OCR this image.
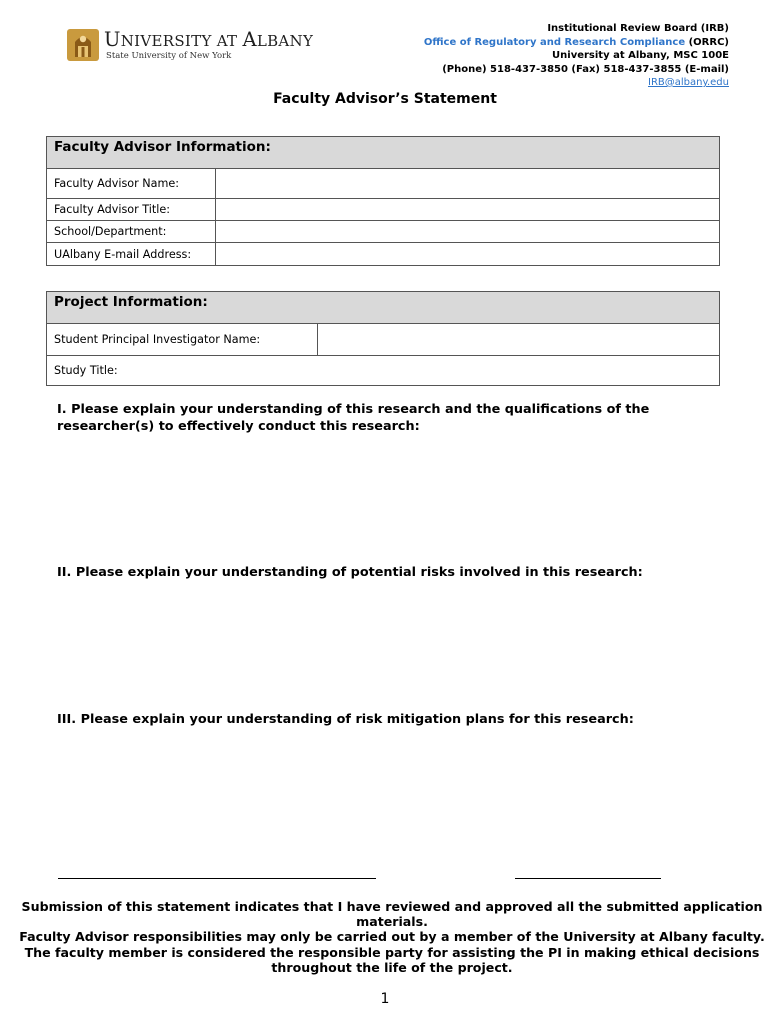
UNIVERSITY AT ALBANY
State University of New York
Institutional Review Board (IRB)
Office of Regulatory and Research Compliance (ORRC)
University at Albany, MSC 100E
(Phone) 518-437-3850 (Fax) 518-437-3855 (E-mail)
IRB@albany.edu
Faculty Advisor’s Statement
Faculty Advisor Information:	
Faculty Advisor Name:	
Faculty Advisor Title:	
School/Department:	
UAlbany E-mail Address:	
Project Information:
Student Principal Investigator Name:	
Study Title:
I. Please explain your understanding of this research and the qualifications of the researcher(s) to effectively conduct this research:
II. Please explain your understanding of potential risks involved in this research:
III. Please explain your understanding of risk mitigation plans for this research:
Submission of this statement indicates that I have reviewed and approved all the submitted application materials.
Faculty Advisor responsibilities may only be carried out by a member of the University at Albany faculty. The faculty member is considered the responsible party for assisting the PI in making ethical decisions throughout the life of the project.
1
